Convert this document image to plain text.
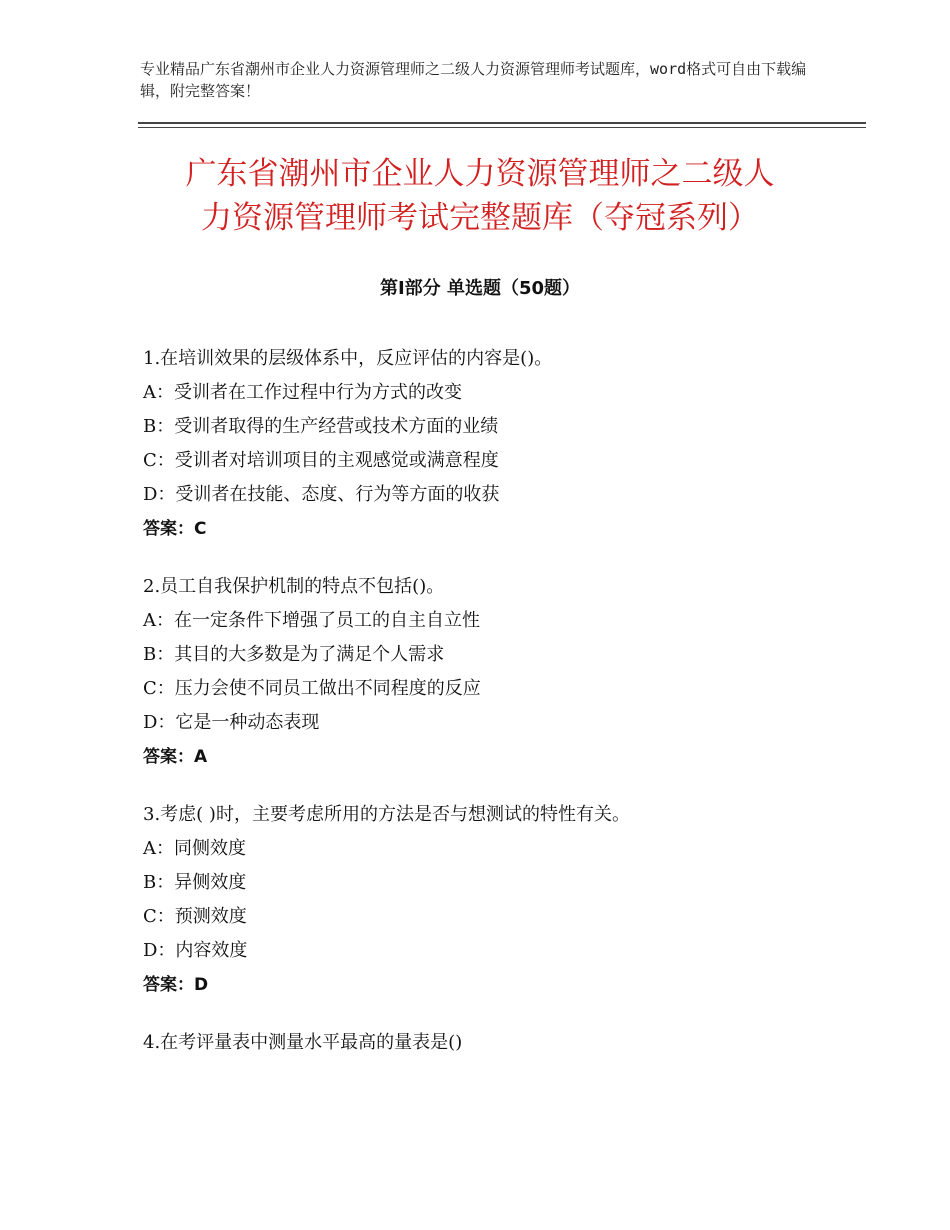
专业精品广东省潮州市企业人力资源管理师之二级人力资源管理师考试题库，word格式可自由下载编辑，附完整答案！
广东省潮州市企业人力资源管理师之二级人
力资源管理师考试完整题库（夺冠系列）
第Ⅰ部分 单选题（50题）
1.在培训效果的层级体系中，反应评估的内容是()。
A：受训者在工作过程中行为方式的改变
B：受训者取得的生产经营或技术方面的业绩
C：受训者对培训项目的主观感觉或满意程度
D：受训者在技能、态度、行为等方面的收获
答案：C
2.员工自我保护机制的特点不包括()。
A：在一定条件下增强了员工的自主自立性
B：其目的大多数是为了满足个人需求
C：压力会使不同员工做出不同程度的反应
D：它是一种动态表现
答案：A
3.考虑( )时，主要考虑所用的方法是否与想测试的特性有关。
A：同侧效度
B：异侧效度
C：预测效度
D：内容效度
答案：D
4.在考评量表中测量水平最高的量表是()
